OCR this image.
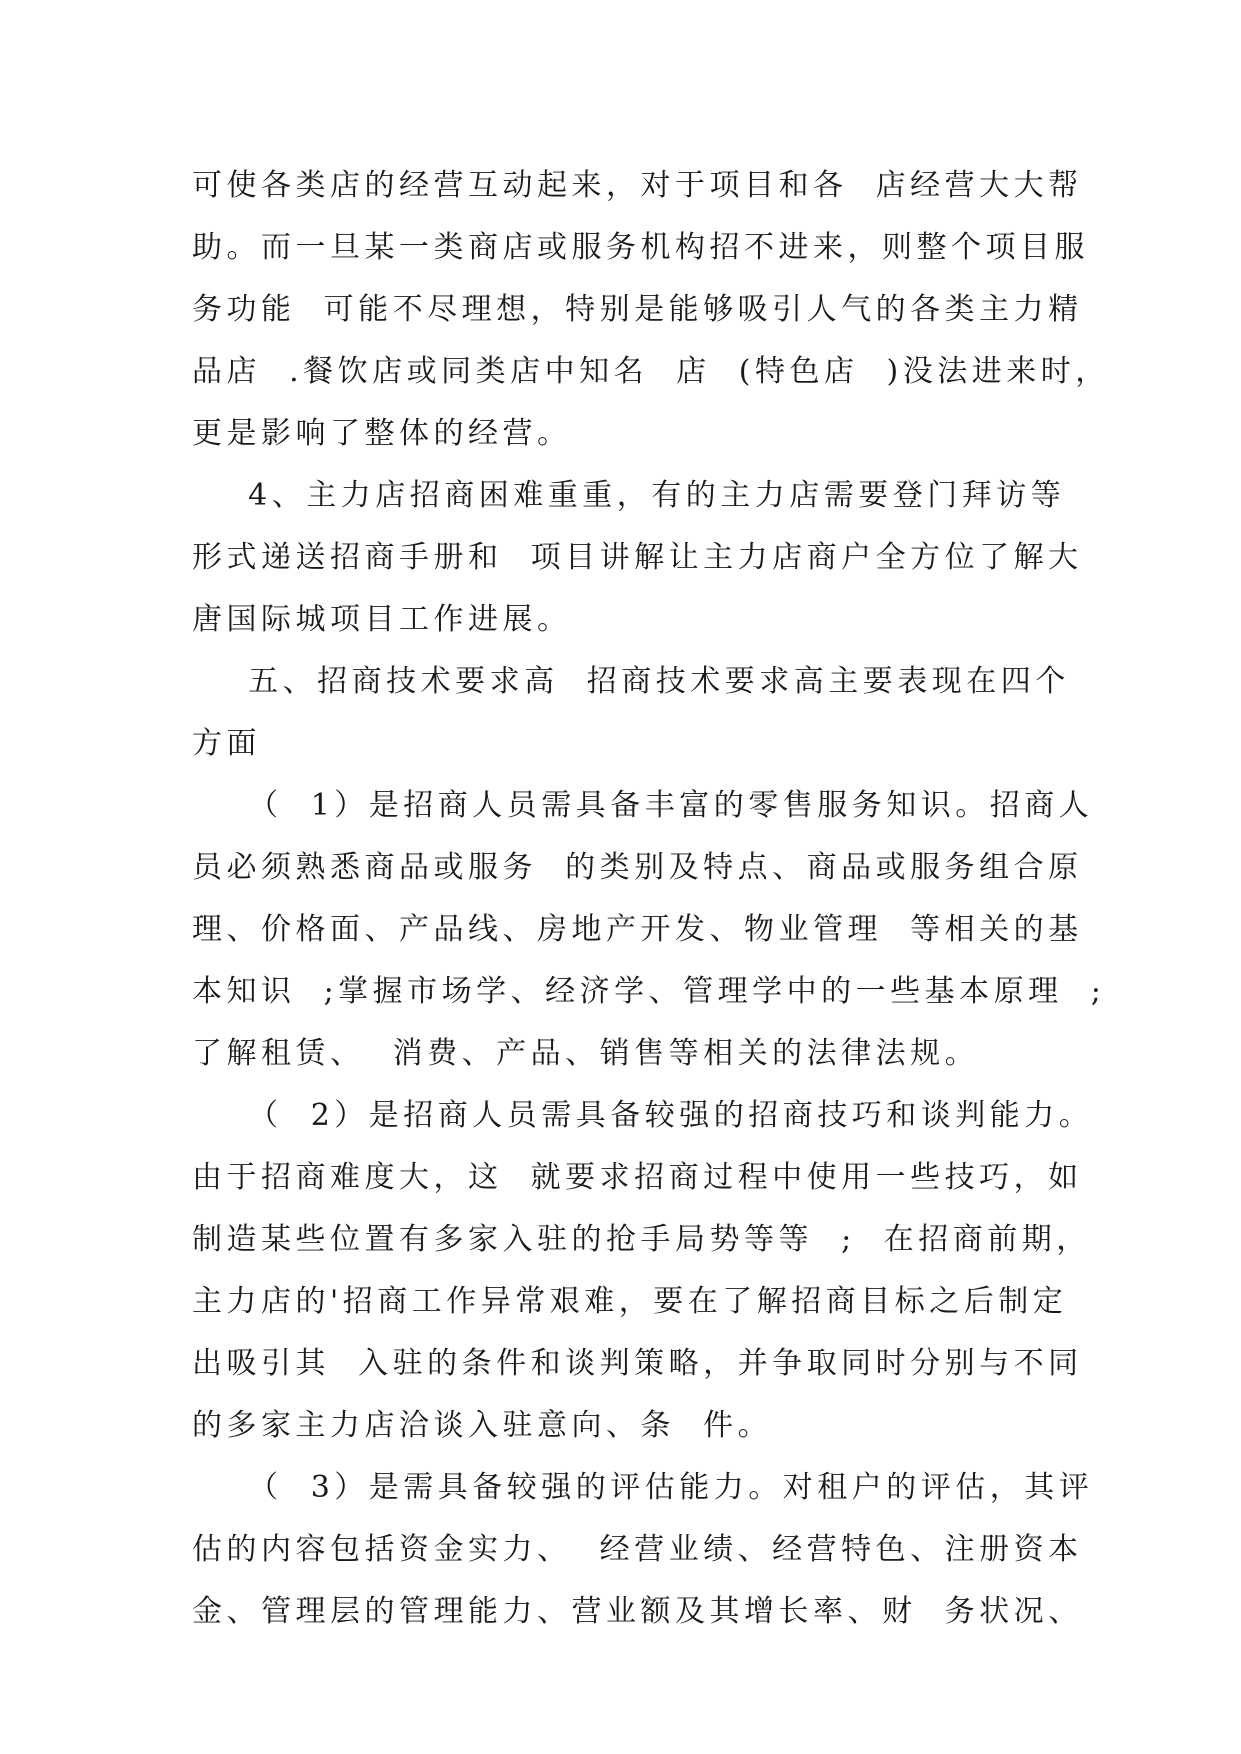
可使各类店的经营互动起来，对于项目和各  店经营大大帮
助。而一旦某一类商店或服务机构招不进来，则整个项目服
务功能  可能不尽理想，特别是能够吸引人气的各类主力精
品店  .餐饮店或同类店中知名  店  (特色店  )没法进来时，
更是影响了整体的经营。
4、主力店招商困难重重，有的主力店需要登门拜访等
形式递送招商手册和  项目讲解让主力店商户全方位了解大
唐国际城项目工作进展。
五、招商技术要求高  招商技术要求高主要表现在四个
方面
（  1）是招商人员需具备丰富的零售服务知识。招商人
员必须熟悉商品或服务  的类别及特点、商品或服务组合原
理、价格面、产品线、房地产开发、物业管理  等相关的基
本知识  ;掌握市场学、经济学、管理学中的一些基本原理  ;
了解租赁、  消费、产品、销售等相关的法律法规。
（  2）是招商人员需具备较强的招商技巧和谈判能力。
由于招商难度大，这  就要求招商过程中使用一些技巧，如
制造某些位置有多家入驻的抢手局势等等  ;  在招商前期，
主力店的'招商工作异常艰难，要在了解招商目标之后制定
出吸引其  入驻的条件和谈判策略，并争取同时分别与不同
的多家主力店洽谈入驻意向、条  件。
（  3）是需具备较强的评估能力。对租户的评估，其评
估的内容包括资金实力、  经营业绩、经营特色、注册资本
金、管理层的管理能力、营业额及其增长率、财  务状况、
